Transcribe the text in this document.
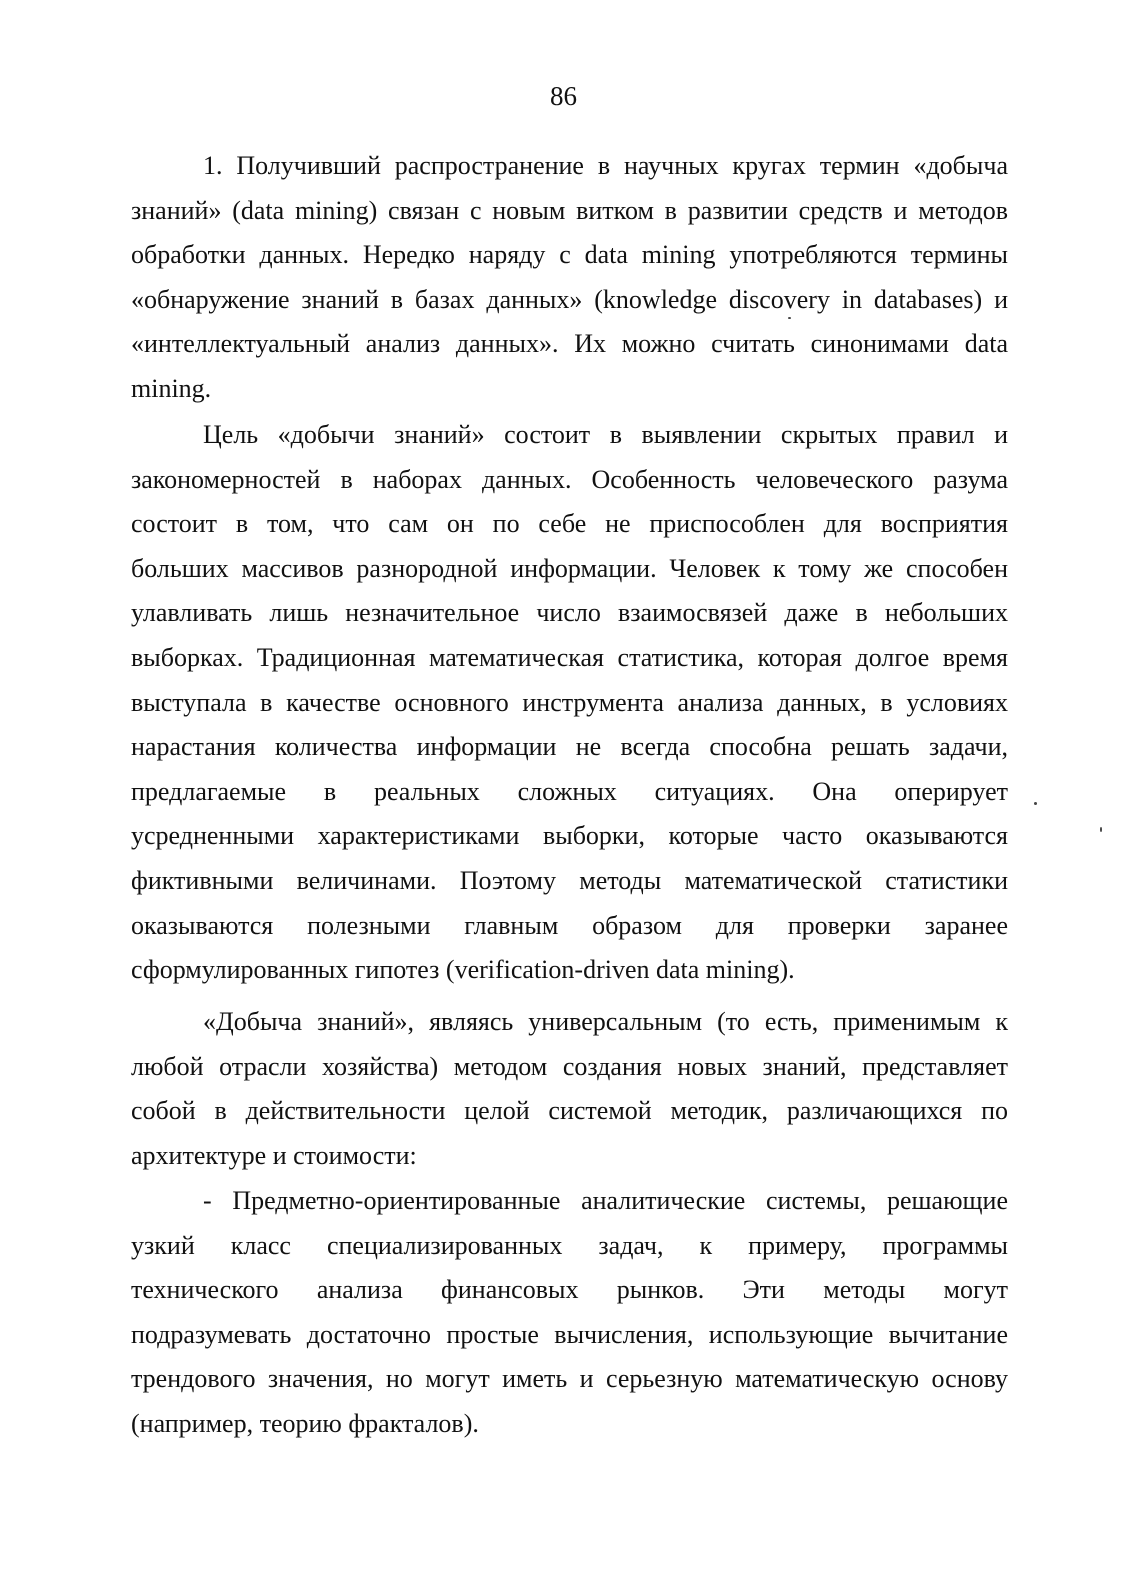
86
1. Получивший распространение в научных кругах термин «добыча
знаний» (data mining) связан с новым витком в развитии средств и методов
обработки данных. Нередко наряду с data mining употребляются термины
«обнаружение знаний в базах данных» (knowledge discovery in databases) и
«интеллектуальный анализ данных». Их можно считать синонимами data
mining.
Цель «добычи знаний» состоит в выявлении скрытых правил и
закономерностей в наборах данных. Особенность человеческого разума
состоит в том, что сам он по себе не приспособлен для восприятия
больших массивов разнородной информации. Человек к тому же способен
улавливать лишь незначительное число взаимосвязей даже в небольших
выборках. Традиционная математическая статистика, которая долгое время
выступала в качестве основного инструмента анализа данных, в условиях
нарастания количества информации не всегда способна решать задачи,
предлагаемые в реальных сложных ситуациях. Она оперирует
усредненными характеристиками выборки, которые часто оказываются
фиктивными величинами. Поэтому методы математической статистики
оказываются полезными главным образом для проверки заранее
сформулированных гипотез (verification-driven data mining).
«Добыча знаний», являясь универсальным (то есть, применимым к
любой отрасли хозяйства) методом создания новых знаний, представляет
собой в действительности целой системой методик, различающихся по
архитектуре и стоимости:
- Предметно-ориентированные аналитические системы, решающие
узкий класс специализированных задач, к примеру, программы
технического анализа финансовых рынков. Эти методы могут
подразумевать достаточно простые вычисления, использующие вычитание
трендового значения, но могут иметь и серьезную математическую основу
(например, теорию фракталов).
